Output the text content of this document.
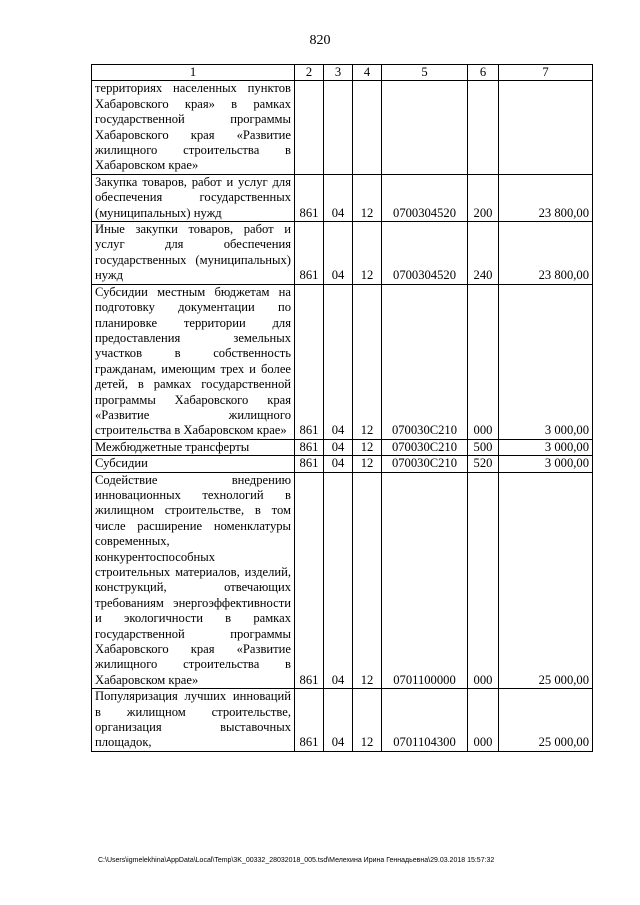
820
1	2	3	4	5	6	7
территориях населенных пунктов Хабаровского края» в рамках государственной программы Хабаровского края «Развитие жилищного строительства в Хабаровском крае»						
Закупка товаров, работ и услуг для обеспечения государственных (муниципальных) нужд	861	04	12	0700304520	200	23 800,00
Иные закупки товаров, работ и услуг для обеспечения государственных (муниципальных) нужд	861	04	12	0700304520	240	23 800,00
Субсидии местным бюджетам на подготовку документации по планировке территории для предоставления земельных участков в собственность гражданам, имеющим трех и более детей, в рамках государственной программы Хабаровского края «Развитие жилищного строительства в Хабаровском крае»	861	04	12	070030С210	000	3 000,00
Межбюджетные трансферты	861	04	12	070030С210	500	3 000,00
Субсидии	861	04	12	070030С210	520	3 000,00
Содействие внедрению инновационных технологий в жилищном строительстве, в том числе расширение номенклатуры современных, конкурентоспособных строительных материалов, изделий, конструкций, отвечающих требованиям энергоэффективности и экологичности в рамках государственной программы Хабаровского края «Развитие жилищного строительства в Хабаровском крае»	861	04	12	0701100000	000	25 000,00
Популяризация лучших инноваций в жилищном строительстве, организация выставочных площадок,	861	04	12	0701104300	000	25 000,00
C:\Users\igmelekhina\AppData\Local\Temp\3K_00332_28032018_005.tsd\Мелехина Ирина Геннадьевна\29.03.2018 15:57:32
